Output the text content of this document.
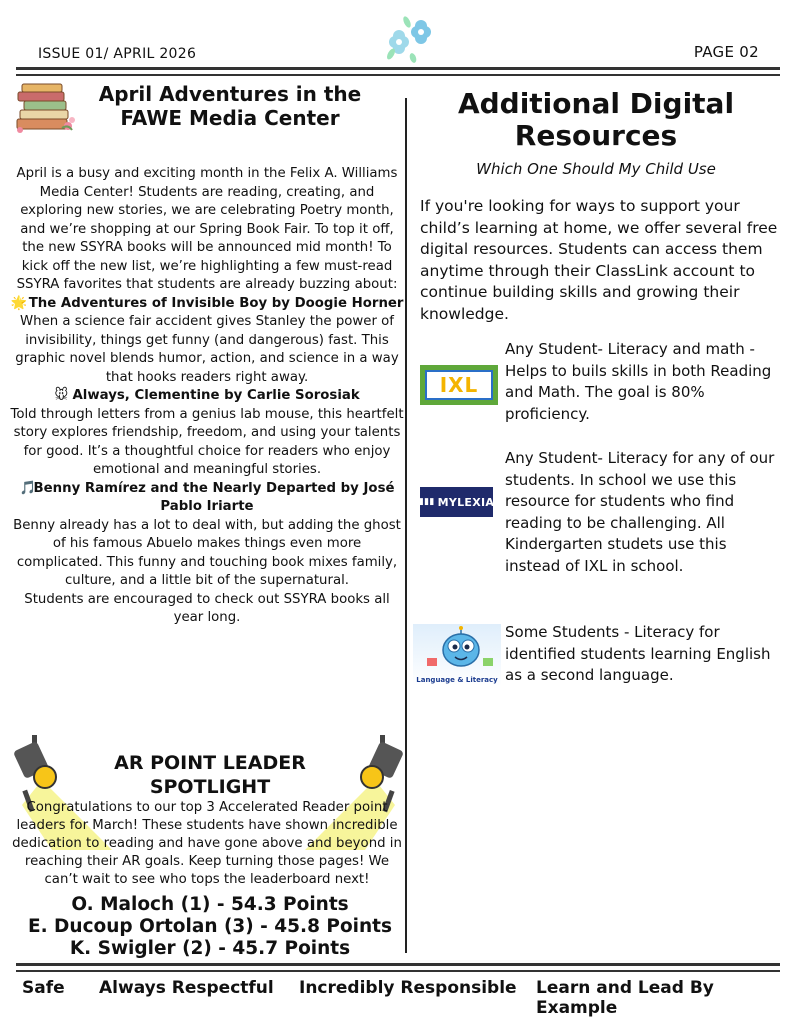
ISSUE 01/ APRIL 2026	PAGE 02
April Adventures in the
FAWE Media Center

April is a busy and exciting month in the Felix A. Williams Media Center! Students are reading, creating, and exploring new stories, we are celebrating Poetry month, and we’re shopping at our Spring Book Fair. To top it off, the new SSYRA books will be announced mid month! To kick off the new list, we’re highlighting a few must-read SSYRA favorites that students are already buzzing about:

🌟 The Adventures of Invisible Boy by Doogie Horner

When a science fair accident gives Stanley the power of invisibility, things get funny (and dangerous) fast. This graphic novel blends humor, action, and science in a way that hooks readers right away.

🐭 Always, Clementine by Carlie Sorosiak

Told through letters from a genius lab mouse, this heartfelt story explores friendship, freedom, and using your talents for good. It’s a thoughtful choice for readers who enjoy emotional and meaningful stories.

🎵Benny Ramírez and the Nearly Departed by José Pablo Iriarte

Benny already has a lot to deal with, but adding the ghost of his famous Abuelo makes things even more complicated. This funny and touching book mixes family, culture, and a little bit of the supernatural.

Students are encouraged to check out SSYRA books all year long.

AR POINT LEADER
SPOTLIGHT
Congratulations to our top 3 Accelerated Reader point leaders for March! These students have shown incredible dedication to reading and have gone above and beyond in reaching their AR goals. Keep turning those pages! We can’t wait to see who tops the leaderboard next!
O. Maloch (1) - 54.3 Points
E. Ducoup Ortolan (3) - 45.8 Points
K. Swigler (2) - 45.7 Points
Additional Digital
Resources
Which One Should My Child Use
If you're looking for ways to support your child’s learning at home, we offer several free digital resources. Students can access them anytime through their ClassLink account to continue building skills and growing their knowledge.
IXL
Any Student- Literacy and math - Helps to buils skills in both Reading and Math. The goal is 80% proficiency.
▮▮▮ MYLEXIA
Any Student- Literacy for any of our students. In school we use this resource for students who find reading to be challenging. All Kindergarten studets use this instead of IXL in school.
Language & Literacy
Some Students - Literacy for identified students learning English as a second language.
Safe Always Respectful Incredibly Responsible Learn and Lead By Example
